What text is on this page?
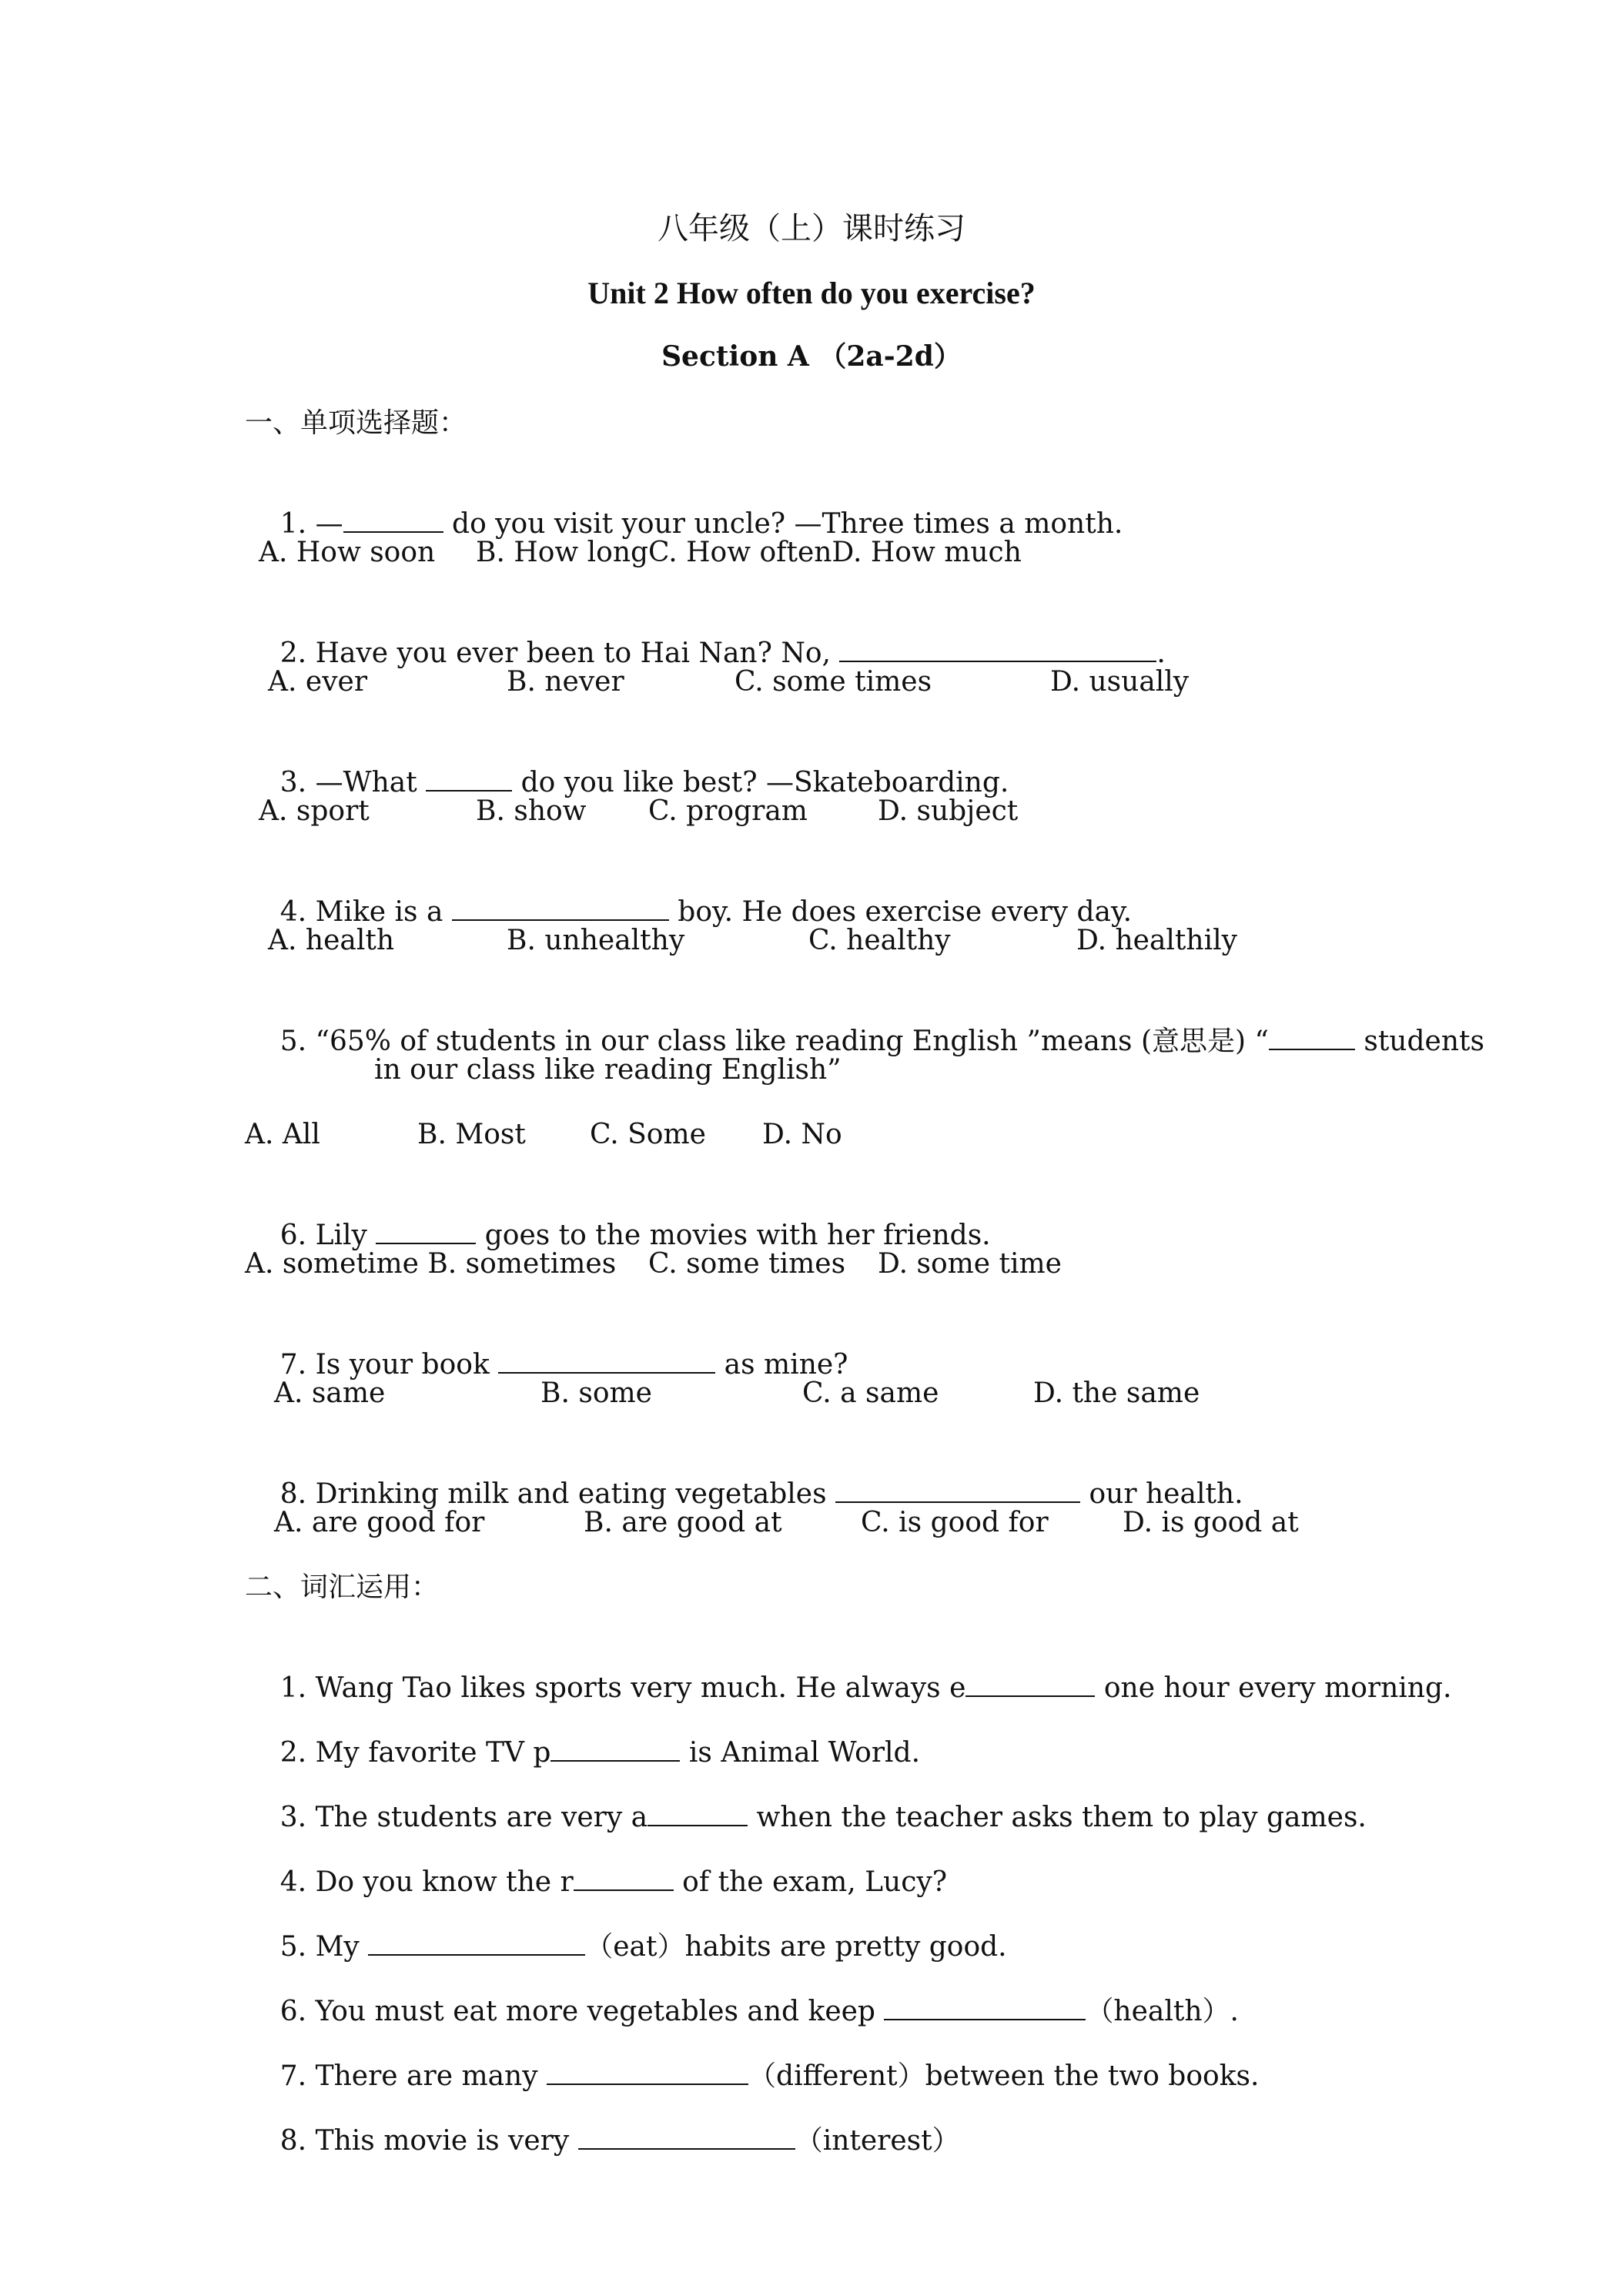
八年级（上）课时练习
Unit 2 How often do you exercise?
Section A （2a-2d）
一、单项选择题：

1. —	do you visit your uncle? —Three times a month.

A. How soon

B. How long

C. How oftenD. How much

2. Have you ever been to Hai Nan? No,	.

A. ever

	B. never

	C. some times

	D. usually

3. —What	do you like best? —Skateboarding.

A. sport

	B. show

C. program

	D. subject

4. Mike is a	boy. He does exercise every day.

A. health

	B. unhealthy

	C. healthy

	D. healthily

5. “65% of students in our class like reading English ”means (意思是) “	students

in our class like reading English”

A. All

	B. Most

C. Some

D. No

6. Lily	goes to the movies with her friends.

A. sometime B. sometimes

C. some times

D. some time

7. Is your book	as mine?

A. same

	B. some

	C. a same

	D. the same

8. Drinking milk and eating vegetables	our health.

A. are good for

	B. are good at

	C. is good for

	D. is good at

二、词汇运用：

1. Wang Tao likes sports very much. He always e	one hour every morning.

2. My favorite TV p	is Animal World.

3. The students are very a	when the teacher asks them to play games.

4. Do you know the r	of the exam, Lucy?

5. My	（eat）habits are pretty good.

6. You must eat more vegetables and keep	（health）.

7. There are many	（different）between the two books.

8. This movie is very	（interest）
